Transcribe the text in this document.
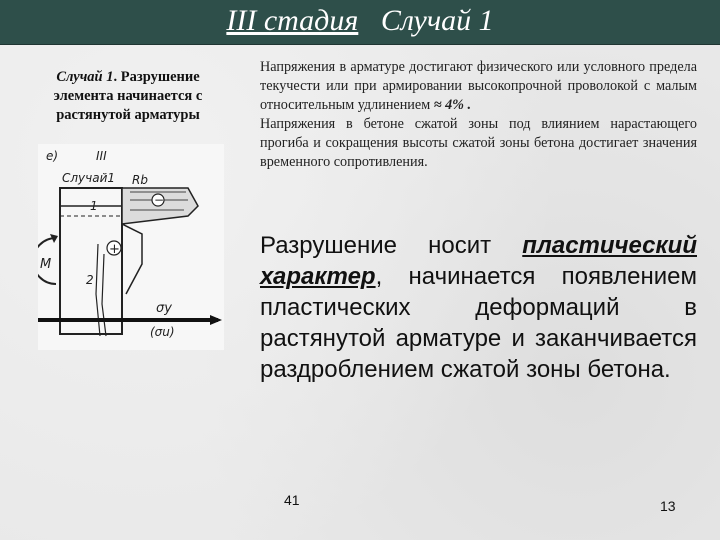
III стадия Случай 1
Случай 1. Разрушение элемента начинается с растянутой арматуры
е)	III
Случай1 Rb
1
2
M
σy
(σu)
−
+

Напряжения в арматуре достигают физического или условного предела текучести или при армировании высокопрочной проволокой с малым относительным удлинением ≈ 4% .
Напряжения в бетоне сжатой зоны под влиянием нарастающего прогиба и сокращения высоты сжатой зоны бетона достигает значения временного сопротивления.

Разрушение носит пластический характер, начинается появлением пластических деформаций в растянутой арматуре и заканчивается раздроблением сжатой зоны бетона.

41	13
